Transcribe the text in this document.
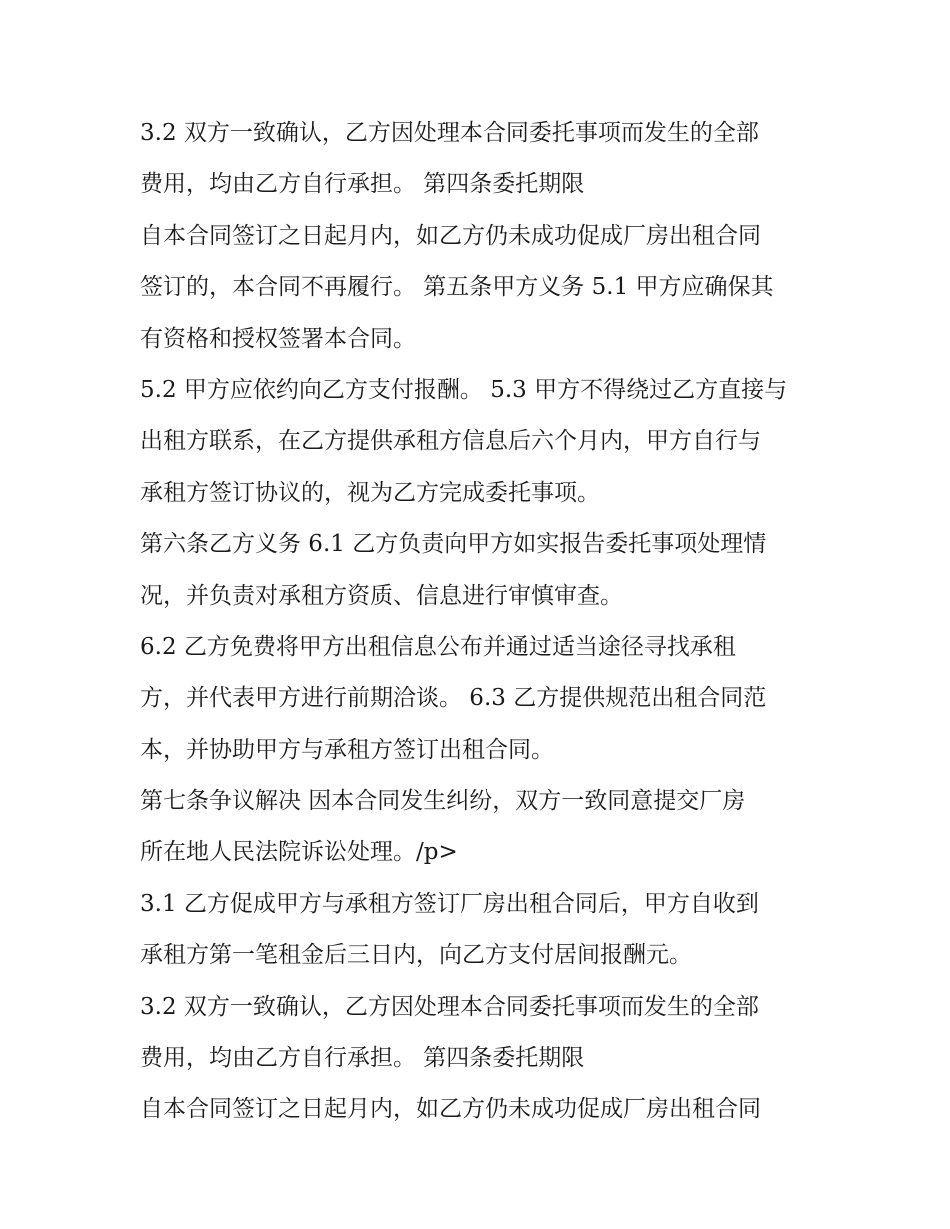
3.2 双方一致确认，乙方因处理本合同委托事项而发生的全部
费用，均由乙方自行承担。 第四条委托期限
自本合同签订之日起月内，如乙方仍未成功促成厂房出租合同
签订的，本合同不再履行。 第五条甲方义务 5.1 甲方应确保其
有资格和授权签署本合同。
5.2 甲方应依约向乙方支付报酬。 5.3 甲方不得绕过乙方直接与
出租方联系，在乙方提供承租方信息后六个月内，甲方自行与
承租方签订协议的，视为乙方完成委托事项。
第六条乙方义务 6.1 乙方负责向甲方如实报告委托事项处理情
况，并负责对承租方资质、信息进行审慎审查。
6.2 乙方免费将甲方出租信息公布并通过适当途径寻找承租
方，并代表甲方进行前期洽谈。 6.3 乙方提供规范出租合同范
本，并协助甲方与承租方签订出租合同。
第七条争议解决 因本合同发生纠纷，双方一致同意提交厂房
所在地人民法院诉讼处理。/p>
3.1 乙方促成甲方与承租方签订厂房出租合同后，甲方自收到
承租方第一笔租金后三日内，向乙方支付居间报酬元。
3.2 双方一致确认，乙方因处理本合同委托事项而发生的全部
费用，均由乙方自行承担。 第四条委托期限
自本合同签订之日起月内，如乙方仍未成功促成厂房出租合同
